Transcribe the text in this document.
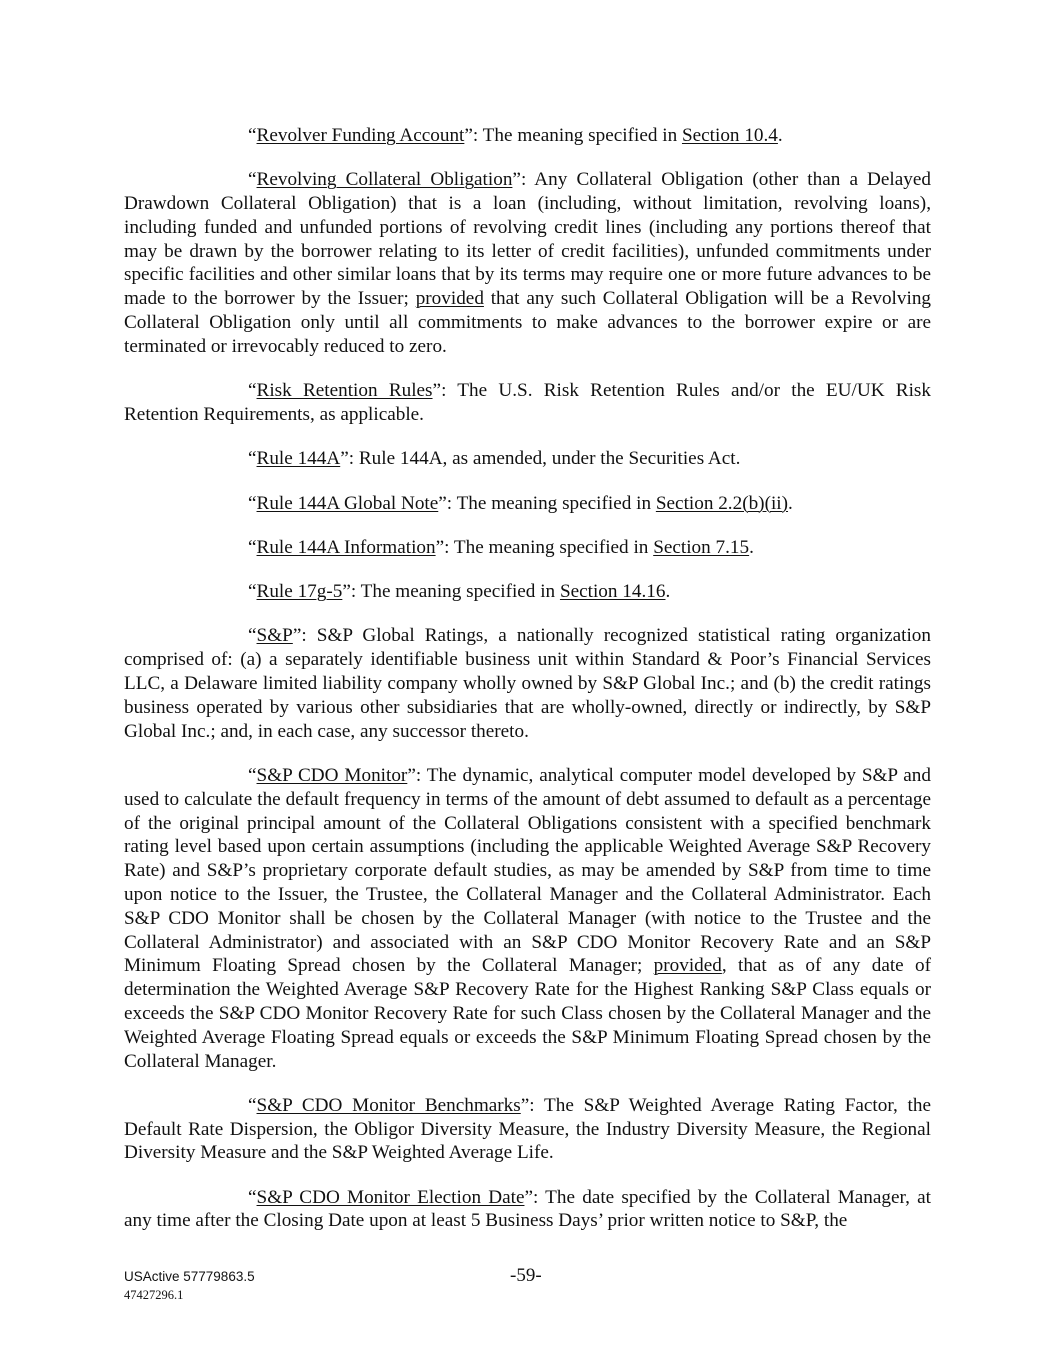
“Revolver Funding Account”: The meaning specified in Section 10.4.

“Revolving Collateral Obligation”: Any Collateral Obligation (other than a Delayed Drawdown Collateral Obligation) that is a loan (including, without limitation, revolving loans), including funded and unfunded portions of revolving credit lines (including any portions thereof that may be drawn by the borrower relating to its letter of credit facilities), unfunded commitments under specific facilities and other similar loans that by its terms may require one or more future advances to be made to the borrower by the Issuer; provided that any such Collateral Obligation will be a Revolving Collateral Obligation only until all commitments to make advances to the borrower expire or are terminated or irrevocably reduced to zero.

“Risk Retention Rules”: The U.S. Risk Retention Rules and/or the EU/UK Risk Retention Requirements, as applicable.

“Rule 144A”: Rule 144A, as amended, under the Securities Act.

“Rule 144A Global Note”: The meaning specified in Section 2.2(b)(ii).

“Rule 144A Information”: The meaning specified in Section 7.15.

“Rule 17g-5”: The meaning specified in Section 14.16.

“S&P”: S&P Global Ratings, a nationally recognized statistical rating organization comprised of: (a) a separately identifiable business unit within Standard & Poor’s Financial Services LLC, a Delaware limited liability company wholly owned by S&P Global Inc.; and (b) the credit ratings business operated by various other subsidiaries that are wholly-owned, directly or indirectly, by S&P Global Inc.; and, in each case, any successor thereto.

“S&P CDO Monitor”: The dynamic, analytical computer model developed by S&P and used to calculate the default frequency in terms of the amount of debt assumed to default as a percentage of the original principal amount of the Collateral Obligations consistent with a specified benchmark rating level based upon certain assumptions (including the applicable Weighted Average S&P Recovery Rate) and S&P’s proprietary corporate default studies, as may be amended by S&P from time to time upon notice to the Issuer, the Trustee, the Collateral Manager and the Collateral Administrator. Each S&P CDO Monitor shall be chosen by the Collateral Manager (with notice to the Trustee and the Collateral Administrator) and associated with an S&P CDO Monitor Recovery Rate and an S&P Minimum Floating Spread chosen by the Collateral Manager; provided, that as of any date of determination the Weighted Average S&P Recovery Rate for the Highest Ranking S&P Class equals or exceeds the S&P CDO Monitor Recovery Rate for such Class chosen by the Collateral Manager and the Weighted Average Floating Spread equals or exceeds the S&P Minimum Floating Spread chosen by the Collateral Manager.

“S&P CDO Monitor Benchmarks”: The S&P Weighted Average Rating Factor, the Default Rate Dispersion, the Obligor Diversity Measure, the Industry Diversity Measure, the Regional Diversity Measure and the S&P Weighted Average Life.

“S&P CDO Monitor Election Date”: The date specified by the Collateral Manager, at any time after the Closing Date upon at least 5 Business Days’ prior written notice to S&P, the

USActive 57779863.5
47427296.1
-59-
